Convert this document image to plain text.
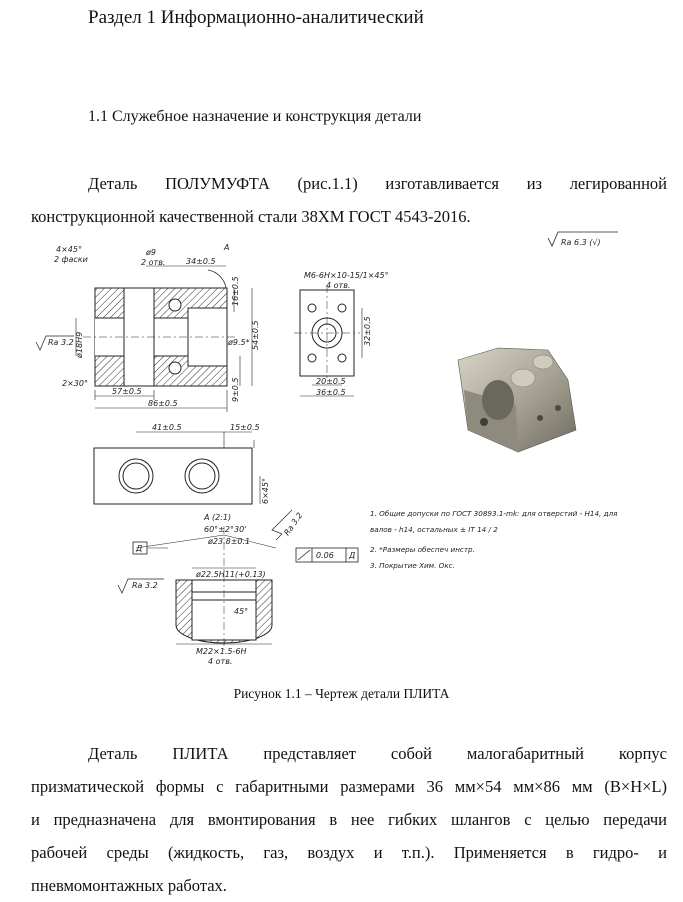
Раздел 1 Информационно-аналитический
1.1 Служебное назначение и конструкция детали
Деталь ПОЛУМУФТА (рис.1.1) изготавливается из легированной
конструкционной качественной стали 38ХМ ГОСТ 4543-2016.
Ra 6.3 (√)
4×45°
2 фаски
ø9
2 отв.	34±0.5
A
16±0.5
54±0.5
ø9.5*
9±0.5
ø18H9
Ra 3.2
2×30°
57±0.5
86±0.5
M6-6H×10-15/1×45°
4 отв.
32±0.5
20±0.5
36±0.5
41±0.5	15±0.5
6×45°
A (2:1)
60°±2°30'
ø23.8±0.1
ø22.5H11(+0.13)
45°
M22×1.5-6H
4 отв.
Д
0.06 Д
Ra 3.2
Ra 3.2	1. Общие допуски по ГОСТ 30893.1-mk: для отверстий - H14, для
валов - h14, остальных ± IT 14 / 2
2. *Размеры обеспеч инстр.
3. Покрытие Хим. Окс.
Рисунок 1.1 – Чертеж детали ПЛИТА
Деталь ПЛИТА представляет собой малогабаритный корпус
призматической формы с габаритными размерами 36 мм×54 мм×86 мм (B×H×L)
и предназначена для вмонтирования в нее гибких шлангов с целью передачи
рабочей среды (жидкость, газ, воздух и т.п.). Применяется в гидро- и
пневмомонтажных работах.
